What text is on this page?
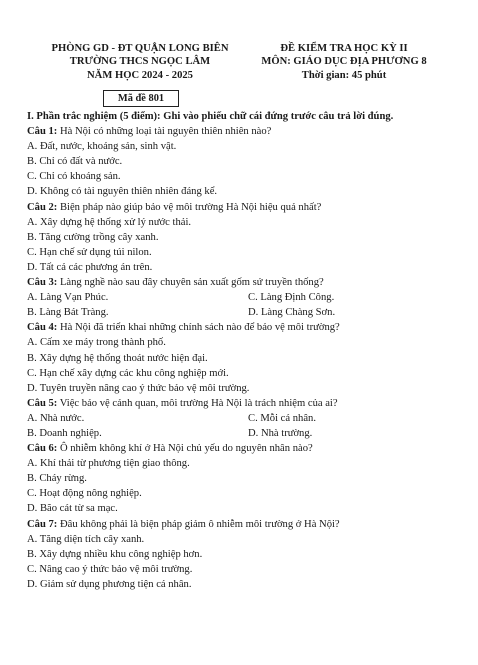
PHÒNG GD - ĐT QUẬN LONG BIÊN
TRƯỜNG THCS NGỌC LÂM
NĂM HỌC 2024 - 2025
ĐỀ KIỂM TRA HỌC KỲ II
MÔN: GIÁO DỤC ĐỊA PHƯƠNG 8
Thời gian: 45 phút
Mã đề 801
I. Phần trắc nghiệm (5 điểm): Ghi vào phiếu chữ cái đứng trước câu trả lời đúng.
Câu 1: Hà Nội có những loại tài nguyên thiên nhiên nào?
A. Đất, nước, khoáng sản, sinh vật.
B. Chỉ có đất và nước.
C. Chỉ có khoáng sản.
D. Không có tài nguyên thiên nhiên đáng kể.
Câu 2: Biện pháp nào giúp bảo vệ môi trường Hà Nội hiệu quả nhất?
A. Xây dựng hệ thống xử lý nước thải.
B. Tăng cường trồng cây xanh.
C. Hạn chế sử dụng túi nilon.
D. Tất cả các phương án trên.
Câu 3: Làng nghề nào sau đây chuyên sản xuất gốm sứ truyền thống?
A. Làng Vạn Phúc.	C. Làng Định Công.
B. Làng Bát Tràng.	D. Làng Chàng Sơn.
Câu 4: Hà Nội đã triển khai những chính sách nào để bảo vệ môi trường?
A. Cấm xe máy trong thành phố.
B. Xây dựng hệ thống thoát nước hiện đại.
C. Hạn chế xây dựng các khu công nghiệp mới.
D. Tuyên truyền nâng cao ý thức bảo vệ môi trường.
Câu 5: Việc bảo vệ cảnh quan, môi trường Hà Nội là trách nhiệm của ai?
A. Nhà nước.	C. Mỗi cá nhân.
B. Doanh nghiệp.	D. Nhà trường.
Câu 6: Ô nhiễm không khí ở Hà Nội chủ yếu do nguyên nhân nào?
A. Khí thải từ phương tiện giao thông.
B. Cháy rừng.
C. Hoạt động nông nghiệp.
D. Bão cát từ sa mạc.
Câu 7: Đâu không phải là biện pháp giảm ô nhiễm môi trường ở Hà Nội?
A. Tăng diện tích cây xanh.
B. Xây dựng nhiều khu công nghiệp hơn.
C. Nâng cao ý thức bảo vệ môi trường.
D. Giảm sử dụng phương tiện cá nhân.
